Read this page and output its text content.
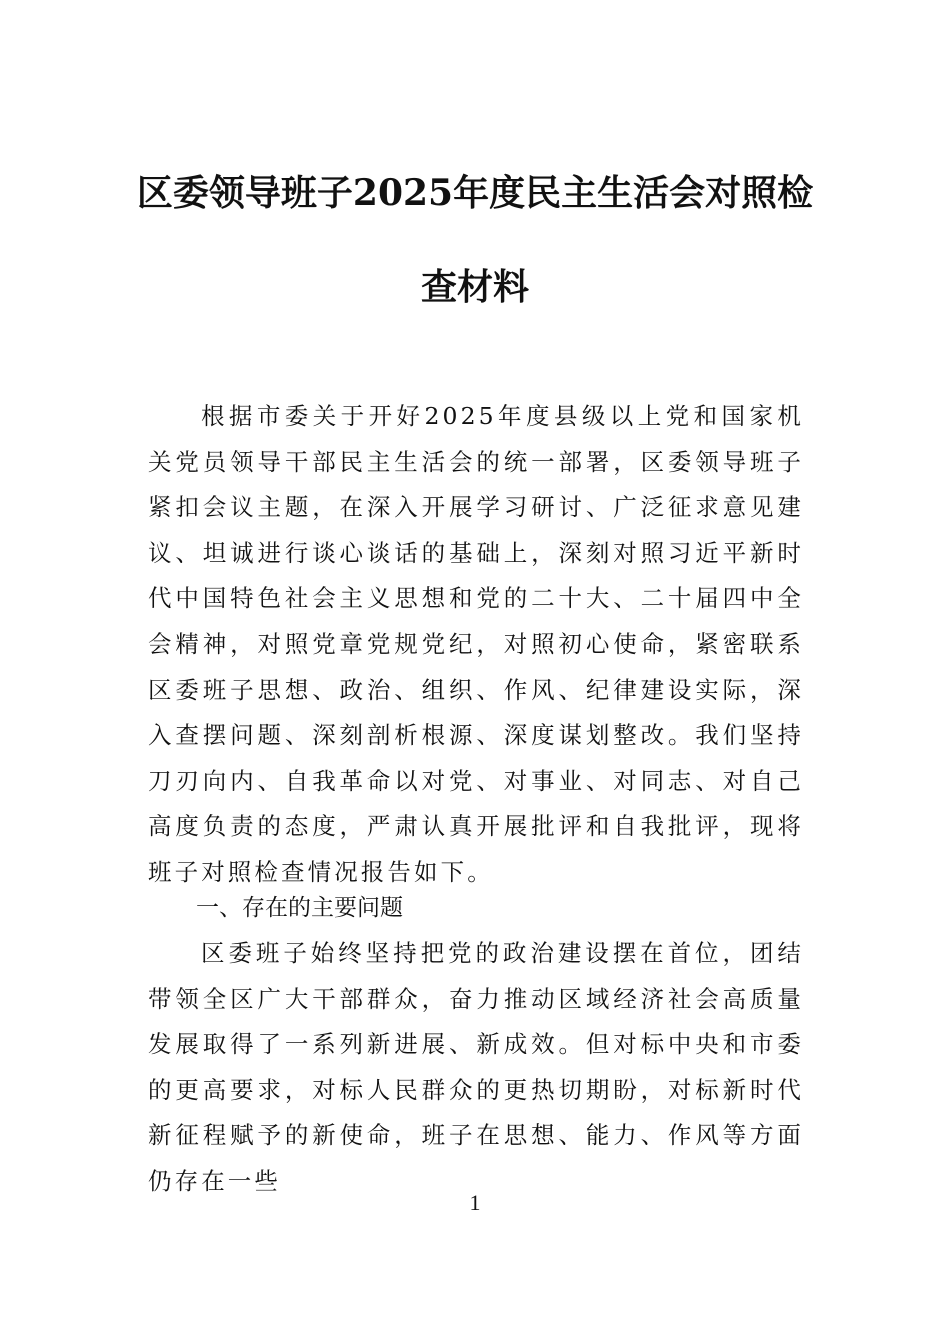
区委领导班子2025年度民主生活会对照检
查材料

根据市委关于开好2025年度县级以上党和国家机关党员领导干部民主生活会的统一部署，区委领导班子紧扣会议主题，在深入开展学习研讨、广泛征求意见建议、坦诚进行谈心谈话的基础上，深刻对照习近平新时代中国特色社会主义思想和党的二十大、二十届四中全会精神，对照党章党规党纪，对照初心使命，紧密联系区委班子思想、政治、组织、作风、纪律建设实际，深入查摆问题、深刻剖析根源、深度谋划整改。我们坚持刀刃向内、自我革命以对党、对事业、对同志、对自己高度负责的态度，严肃认真开展批评和自我批评，现将班子对照检查情况报告如下。

一、存在的主要问题

区委班子始终坚持把党的政治建设摆在首位，团结带领全区广大干部群众，奋力推动区域经济社会高质量发展取得了一系列新进展、新成效。但对标中央和市委的更高要求，对标人民群众的更热切期盼，对标新时代新征程赋予的新使命，班子在思想、能力、作风等方面仍存在一些

1
